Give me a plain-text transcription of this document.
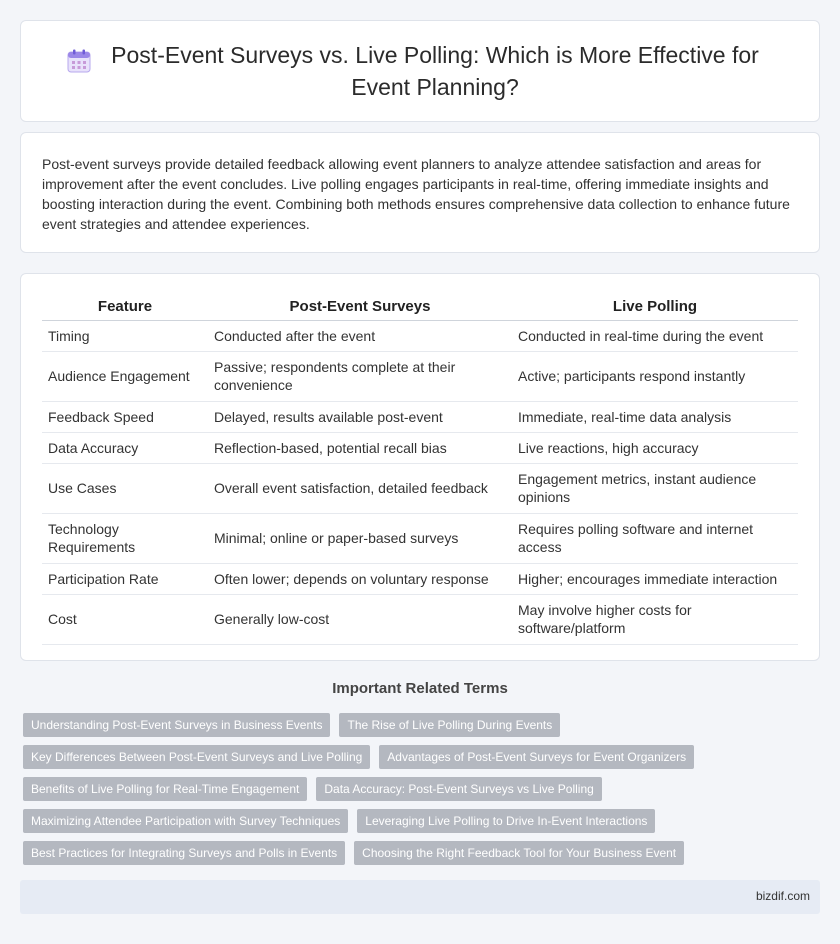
Post-Event Surveys vs. Live Polling: Which is More Effective for Event Planning?

Post-event surveys provide detailed feedback allowing event planners to analyze attendee satisfaction and areas for improvement after the event concludes. Live polling engages participants in real-time, offering immediate insights and boosting interaction during the event. Combining both methods ensures comprehensive data collection to enhance future event strategies and attendee experiences.

Feature	Post-Event Surveys	Live Polling
Timing	Conducted after the event	Conducted in real-time during the event
Audience Engagement	Passive; respondents complete at their convenience	Active; participants respond instantly
Feedback Speed	Delayed, results available post-event	Immediate, real-time data analysis
Data Accuracy	Reflection-based, potential recall bias	Live reactions, high accuracy
Use Cases	Overall event satisfaction, detailed feedback	Engagement metrics, instant audience opinions
Technology Requirements	Minimal; online or paper-based surveys	Requires polling software and internet access
Participation Rate	Often lower; depends on voluntary response	Higher; encourages immediate interaction
Cost	Generally low-cost	May involve higher costs for software/platform
Important Related Terms
Understanding Post-Event Surveys in Business Events	The Rise of Live Polling During Events
Key Differences Between Post-Event Surveys and Live Polling	Advantages of Post-Event Surveys for Event Organizers
Benefits of Live Polling for Real-Time Engagement	Data Accuracy: Post-Event Surveys vs Live Polling
Maximizing Attendee Participation with Survey Techniques	Leveraging Live Polling to Drive In-Event Interactions
Best Practices for Integrating Surveys and Polls in Events	Choosing the Right Feedback Tool for Your Business Event
bizdif.com
